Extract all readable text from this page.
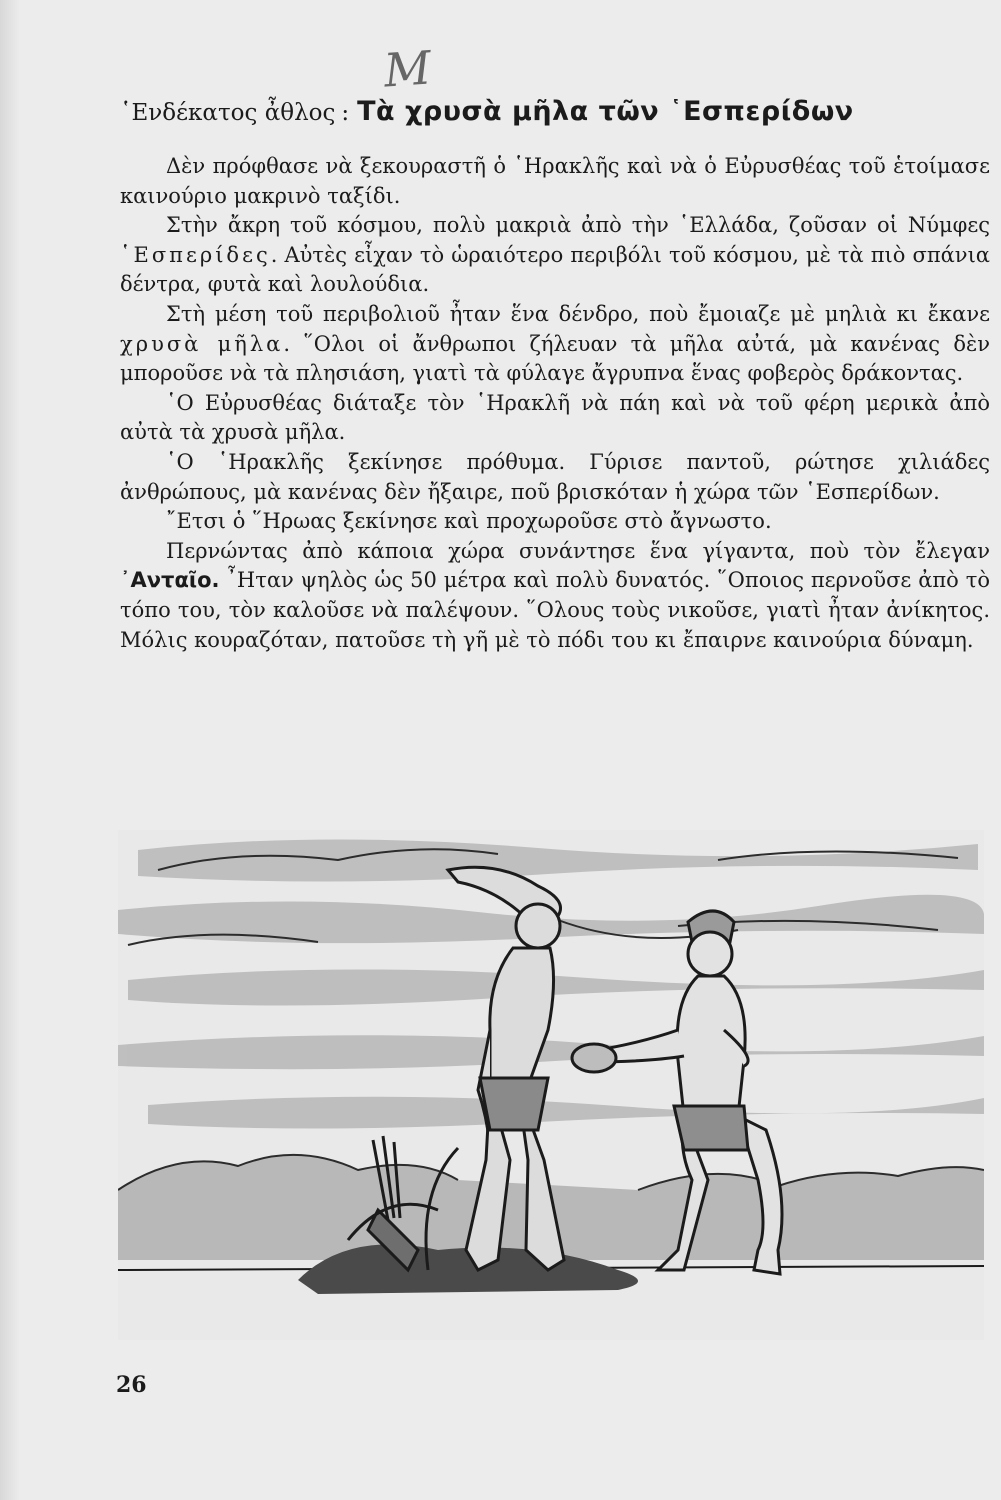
M
῾Ενδέκατος ἆθλος : Τὰ χρυσὰ μῆλα τῶν ῾Εσπερίδων

Δὲν πρόφθασε νὰ ξεκουραστῆ ὁ ῾Ηρακλῆς καὶ νὰ ὁ Εὐρυσθέας τοῦ ἑτοίμασε καινούριο μακρινὸ ταξίδι.

Στὴν ἄκρη τοῦ κόσμου, πολὺ μακριὰ ἀπὸ τὴν ῾Ελλάδα, ζοῦσαν οἱ Νύμφες ῾Εσπερίδες. Αὐτὲς εἶχαν τὸ ὡραιότερο περιβόλι τοῦ κόσμου, μὲ τὰ πιὸ σπάνια δέντρα, φυτὰ καὶ λουλούδια.

Στὴ μέση τοῦ περιβολιοῦ ἦταν ἕνα δένδρο, ποὺ ἔμοιαζε μὲ μηλιὰ κι ἔκανε χρυσὰ μῆλα. ῞Ολοι οἱ ἄνθρωποι ζήλευαν τὰ μῆλα αὐτά, μὰ κανένας δὲν μποροῦσε νὰ τὰ πλησιάση, γιατὶ τὰ φύλαγε ἄγρυπνα ἕνας φοβερὸς δράκοντας.

῾Ο Εὐρυσθέας διάταξε τὸν ῾Ηρακλῆ νὰ πάη καὶ νὰ τοῦ φέρη μερικὰ ἀπὸ αὐτὰ τὰ χρυσὰ μῆλα.

῾Ο ῾Ηρακλῆς ξεκίνησε πρόθυμα. Γύρισε παντοῦ, ρώτησε χιλιάδες ἀνθρώπους, μὰ κανένας δὲν ἤξαιρε, ποῦ βρισκόταν ἡ χώρα τῶν ῾Εσπερίδων.

῎Ετσι ὁ ῞Ηρωας ξεκίνησε καὶ προχωροῦσε στὸ ἄγνωστο.

Περνώντας ἀπὸ κάποια χώρα συνάντησε ἕνα γίγαντα, ποὺ τὸν ἔλεγαν ᾿Ανταῖο. ῏Ηταν ψηλὸς ὡς 50 μέτρα καὶ πολὺ δυνατός. ῞Οποιος περνοῦσε ἀπὸ τὸ τόπο του, τὸν καλοῦσε νὰ παλέψουν. ῞Ολους τοὺς νικοῦσε, γιατὶ ἦταν ἀνίκητος. Μόλις κουραζόταν, πατοῦσε τὴ γῆ μὲ τὸ πόδι του κι ἔπαιρνε καινούρια δύναμη.

26
